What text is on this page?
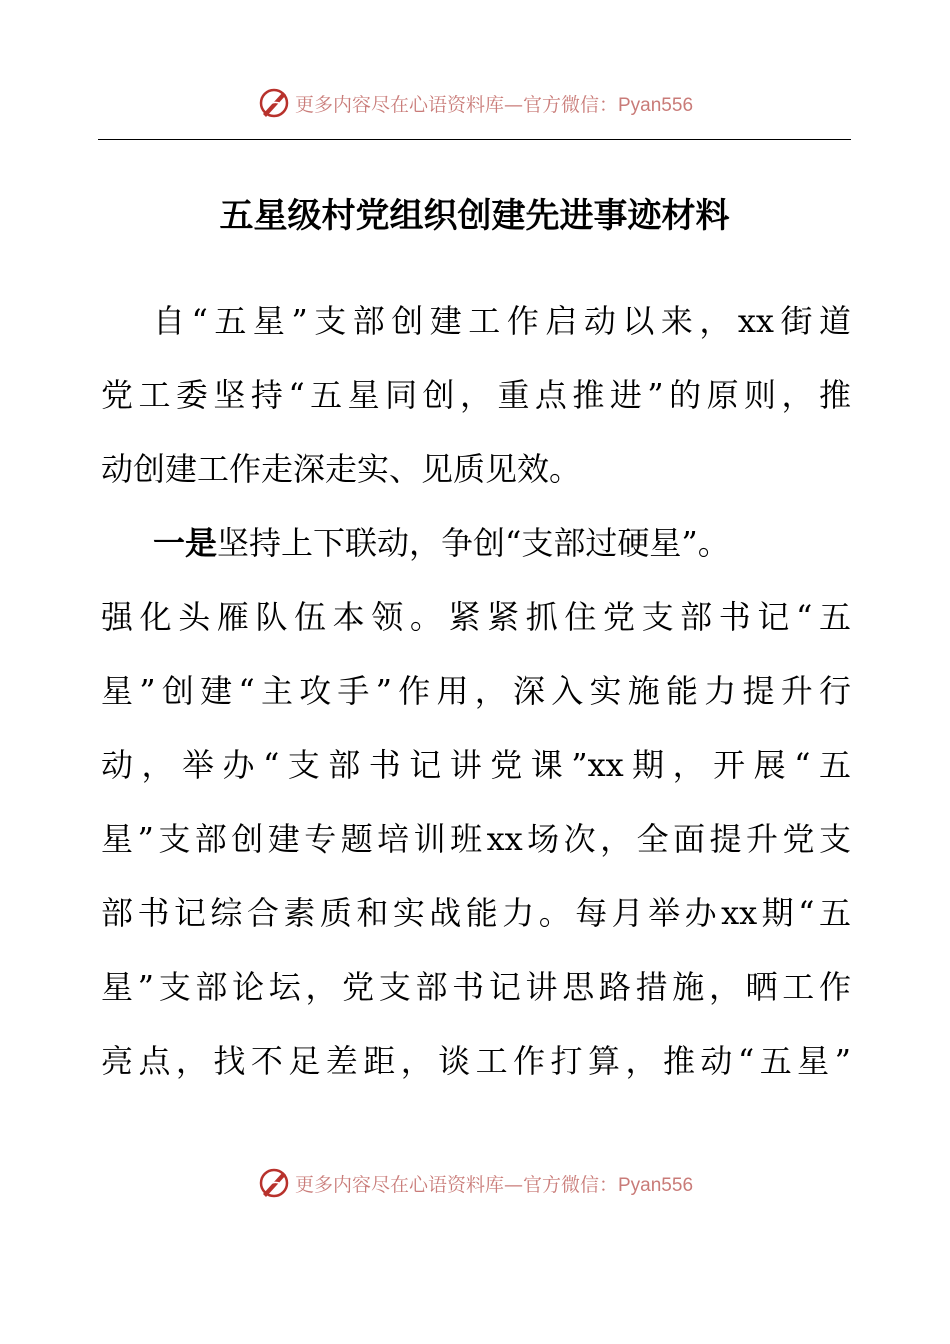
更多内容尽在心语资料库—官方微信：Pyan556
五星级村党组织创建先进事迹材料
自“五星”支部创建工作启动以来，xx街道
党工委坚持“五星同创，重点推进”的原则，推
动创建工作走深走实、见质见效。
一是坚持上下联动，争创“支部过硬星”。
强化头雁队伍本领。紧紧抓住党支部书记“五
星”创建“主攻手”作用，深入实施能力提升行
动，举办“支部书记讲党课”xx期，开展“五
星”支部创建专题培训班xx场次，全面提升党支
部书记综合素质和实战能力。每月举办xx期“五
星”支部论坛，党支部书记讲思路措施，晒工作
亮点，找不足差距，谈工作打算，推动“五星”
更多内容尽在心语资料库—官方微信：Pyan556
